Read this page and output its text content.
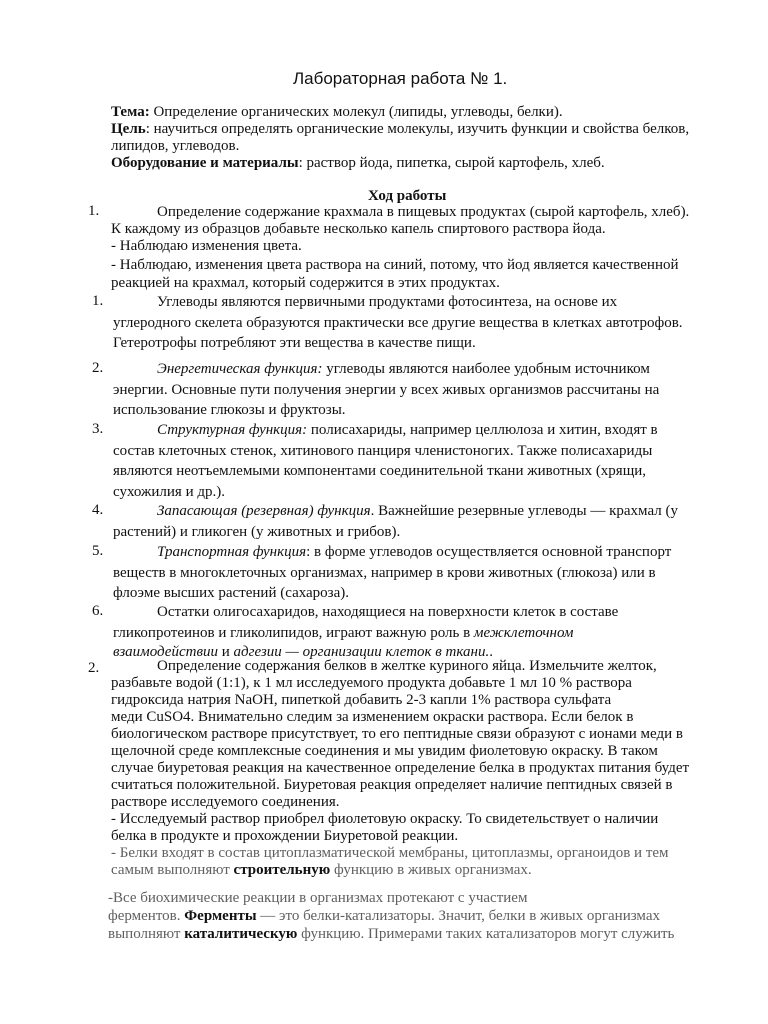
Лабораторная работа № 1.
Тема: Определение органических молекул (липиды, углеводы, белки).
Цель: научиться определять органические молекулы, изучить функции и свойства белков,
липидов, углеводов.
Оборудование и материалы: раствор йода, пипетка, сырой картофель, хлеб.
Ход работы
1.	Определение содержание крахмала в пищевых продуктах (сырой картофель, хлеб).
К каждому из образцов добавьте несколько капель спиртового раствора йода.
- Наблюдаю изменения цвета.
- Наблюдаю, изменения цвета раствора на синий, потому, что йод является качественной
реакцией на крахмал, который содержится в этих продуктах.
1.	Углеводы являются первичными продуктами фотосинтеза, на основе их
углеродного скелета образуются практически все другие вещества в клетках автотрофов.
Гетеротрофы потребляют эти вещества в качестве пищи.
2.	Энергетическая функция: углеводы являются наиболее удобным источником
энергии. Основные пути получения энергии у всех живых организмов рассчитаны на
использование глюкозы и фруктозы.
3.	Структурная функция: полисахариды, например целлюлоза и хитин, входят в
состав клеточных стенок, хитинового панциря членистоногих. Также полисахариды
являются неотъемлемыми компонентами соединительной ткани животных (хрящи,
сухожилия и др.).
4.	Запасающая (резервная) функция. Важнейшие резервные углеводы — крахмал (у
растений) и гликоген (у животных и грибов).
5.	Транспортная функция: в форме углеводов осуществляется основной транспорт
веществ в многоклеточных организмах, например в крови животных (глюкоза) или в
флоэме высших растений (сахароза).
6.	Остатки олигосахаридов, находящиеся на поверхности клеток в составе
гликопротеинов и гликолипидов, играют важную роль в межклеточном
взаимодействии и адгезии — организации клеток в ткани..
2.	Определение содержания белков в желтке куриного яйца. Измельчите желток,
разбавьте водой (1:1), к 1 мл исследуемого продукта добавьте 1 мл 10 % раствора
гидроксида натрия NaOH, пипеткой добавить 2-3 капли 1% раствора сульфата
меди CuSO4. Внимательно следим за изменением окраски раствора. Если белок в
биологическом растворе присутствует, то его пептидные связи образуют с ионами меди в
щелочной среде комплексные соединения и мы увидим фиолетовую окраску. В таком
случае биуретовая реакция на качественное определение белка в продуктах питания будет
считаться положительной. Биуретовая реакция определяет наличие пептидных связей в
растворе исследуемого соединения.
- Исследуемый раствор приобрел фиолетовую окраску. То свидетельствует о наличии
белка в продукте и прохождении Биуретовой реакции.
- Белки входят в состав цитоплазматической мембраны, цитоплазмы, органоидов и тем
самым выполняют строительную функцию в живых организмах.
-Все биохимические реакции в организмах протекают с участием
ферментов. Ферменты — это белки-катализаторы. Значит, белки в живых организмах
выполняют каталитическую функцию. Примерами таких катализаторов могут служить
